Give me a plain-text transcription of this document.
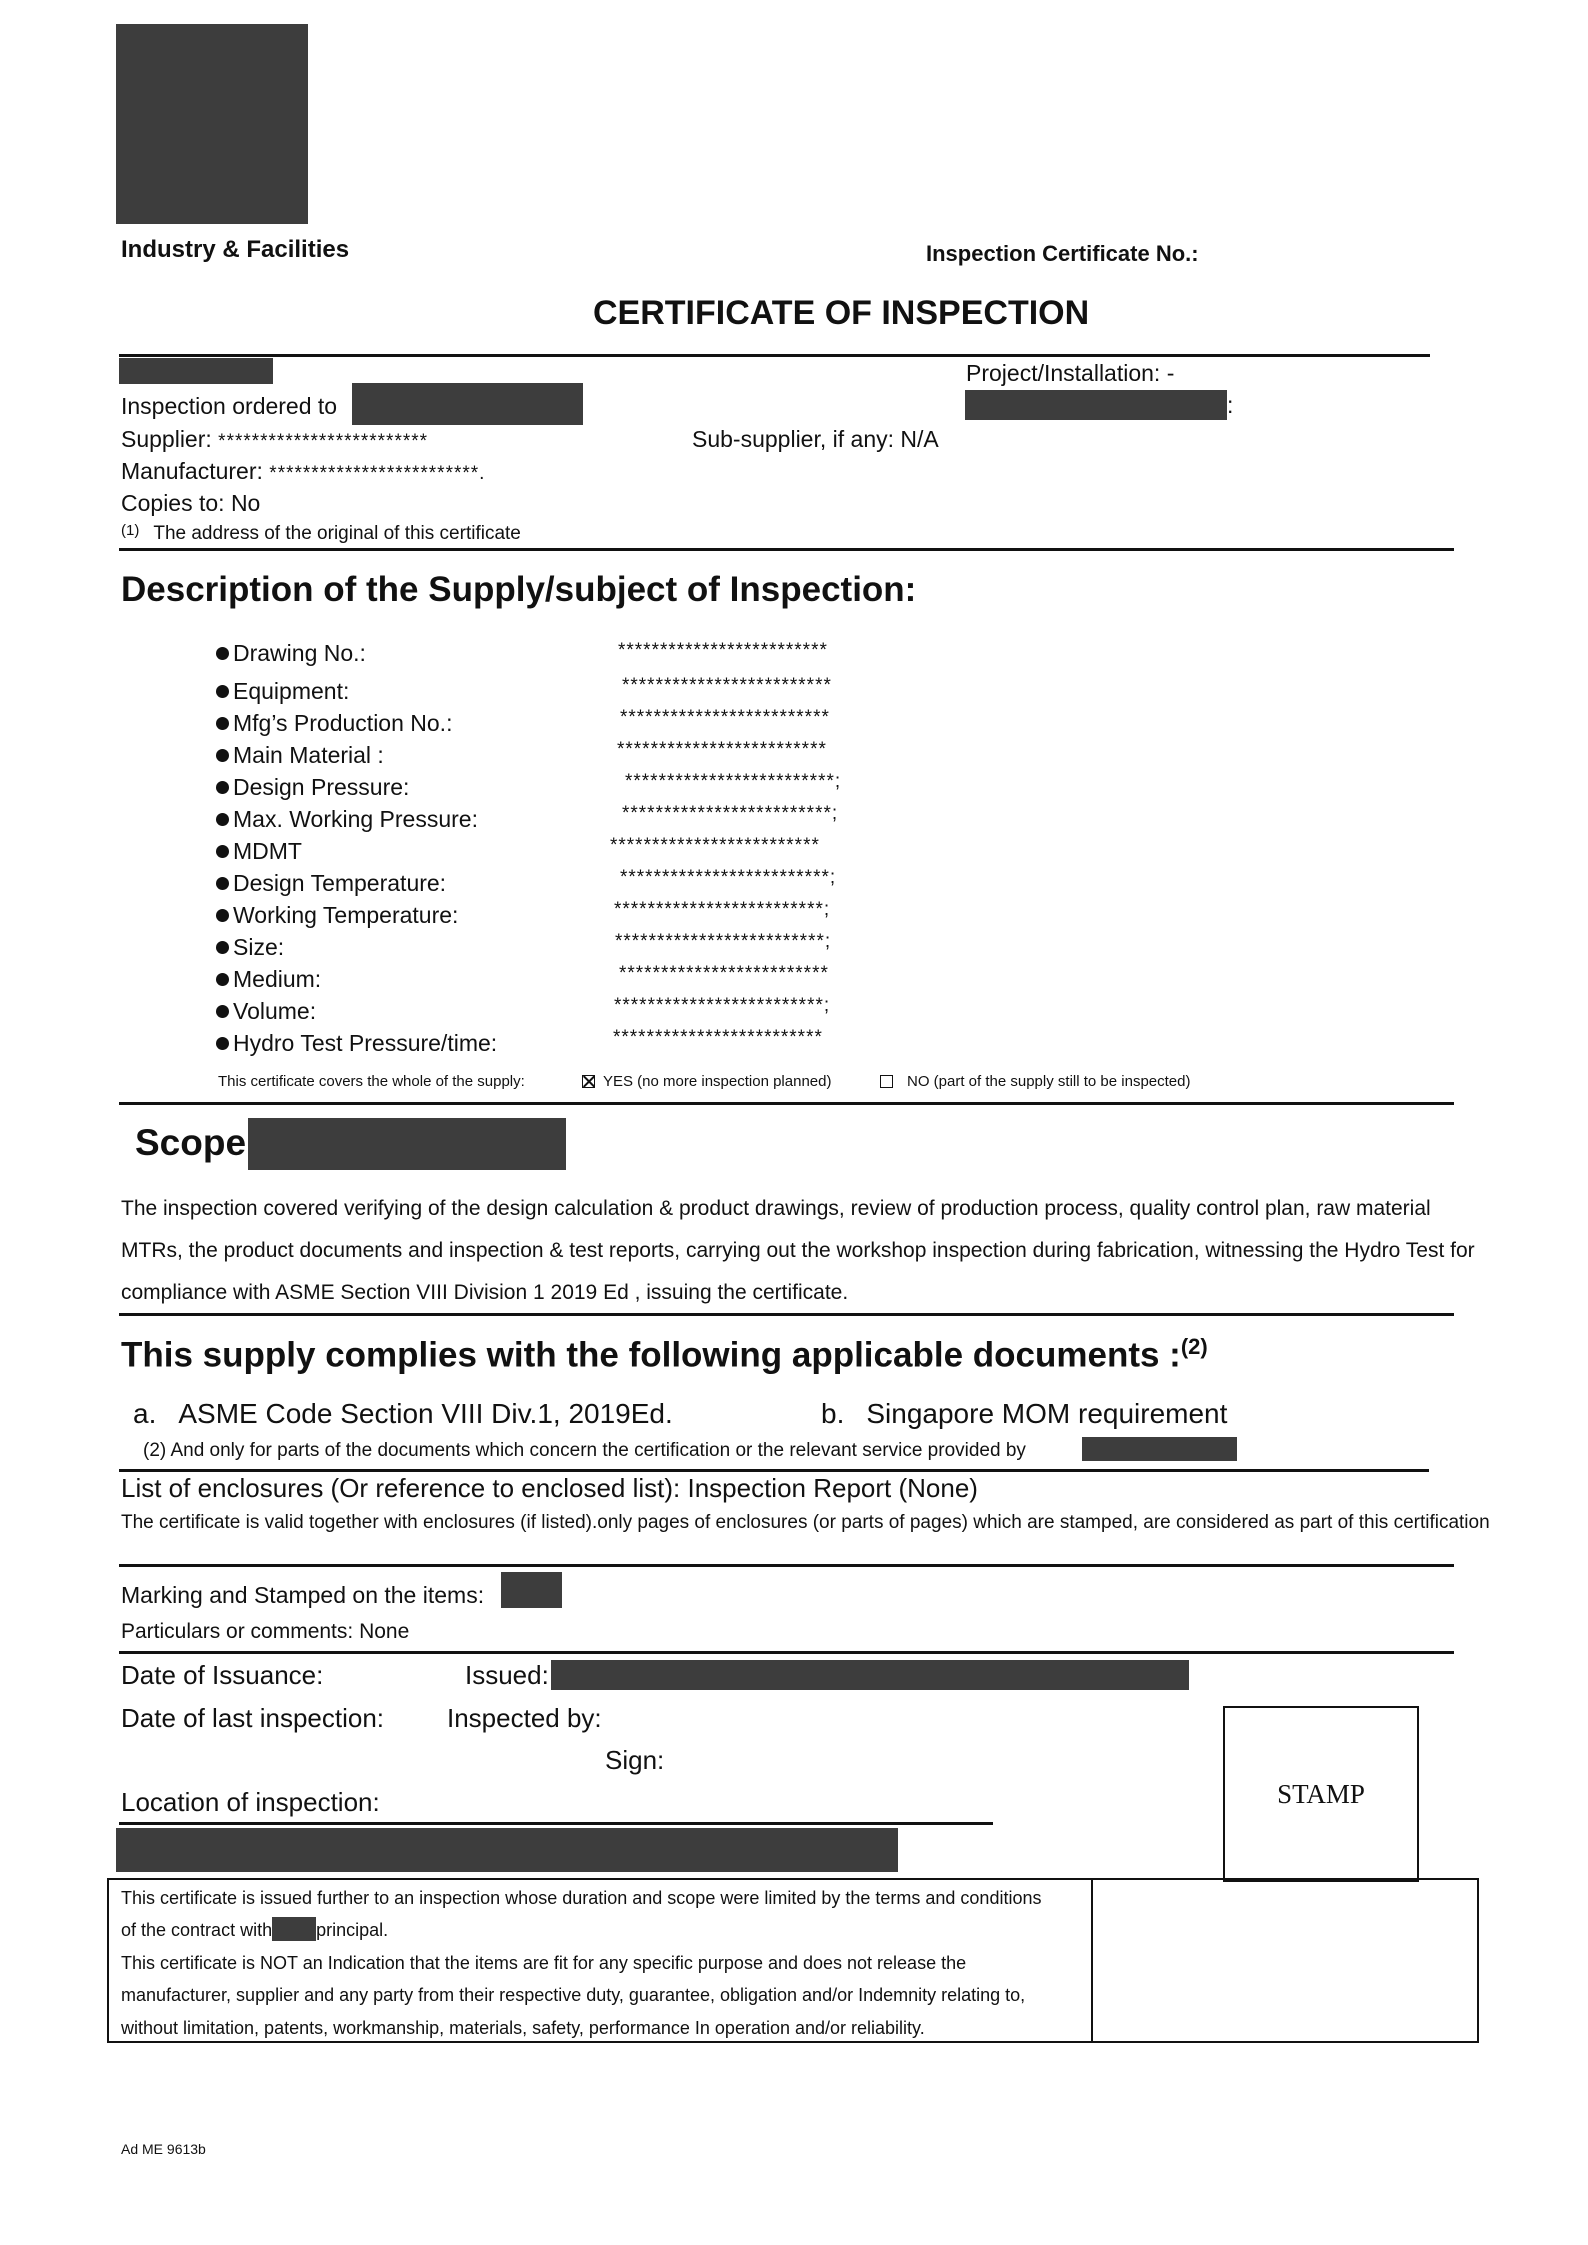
Industry & Facilities	Inspection Certificate No.:
CERTIFICATE OF INSPECTION
Project/Installation: -
:
Inspection ordered to
Supplier: *************************	Sub-supplier, if any: N/A
Manufacturer: *************************.
Copies to: No
$^{(1)}$ The address of the original of this certificate
Description of the Supply/subject of Inspection:
Drawing No.:	*************************
Equipment:	*************************
Mfg’s Production No.:	*************************
Main Material :	*************************
Design Pressure:	*************************;
Max. Working Pressure:	*************************;
MDMT	*************************
Design Temperature:	*************************;
Working Temperature:	*************************;
Size:	*************************;
Medium:	*************************
Volume:	*************************;
Hydro Test Pressure/time:	*************************
This certificate covers the whole of the supply:	YES (no more inspection planned)	NO (part of the supply still to be inspected)
Scope
The inspection covered verifying of the design calculation & product drawings, review of production process, quality control plan, raw material MTRs, the product documents and inspection & test reports, carrying out the workshop inspection during fabrication, witnessing the Hydro Test for compliance with ASME Section VIII Division 1 2019 Ed , issuing the certificate.
This supply complies with the following applicable documents :$^{(2)}$
a. ASME Code Section VIII Div.1, 2019Ed.	b. Singapore MOM requirement
(2) And only for parts of the documents which concern the certification or the relevant service provided by
List of enclosures (Or reference to enclosed list): Inspection Report (None)
The certificate is valid together with enclosures (if listed).only pages of enclosures (or parts of pages) which are stamped, are considered as part of this certification
Marking and Stamped on the items:
Particulars or comments: None
Date of Issuance:	Issued:
Date of last inspection: Inspected by:
Sign:
Location of inspection:	STAMP
This certificate is issued further to an inspection whose duration and scope were limited by the terms and conditions
of the contract with principal.
This certificate is NOT an Indication that the items are fit for any specific purpose and does not release the
manufacturer, supplier and any party from their respective duty, guarantee, obligation and/or Indemnity relating to,
without limitation, patents, workmanship, materials, safety, performance In operation and/or reliability.
Ad ME 9613b
